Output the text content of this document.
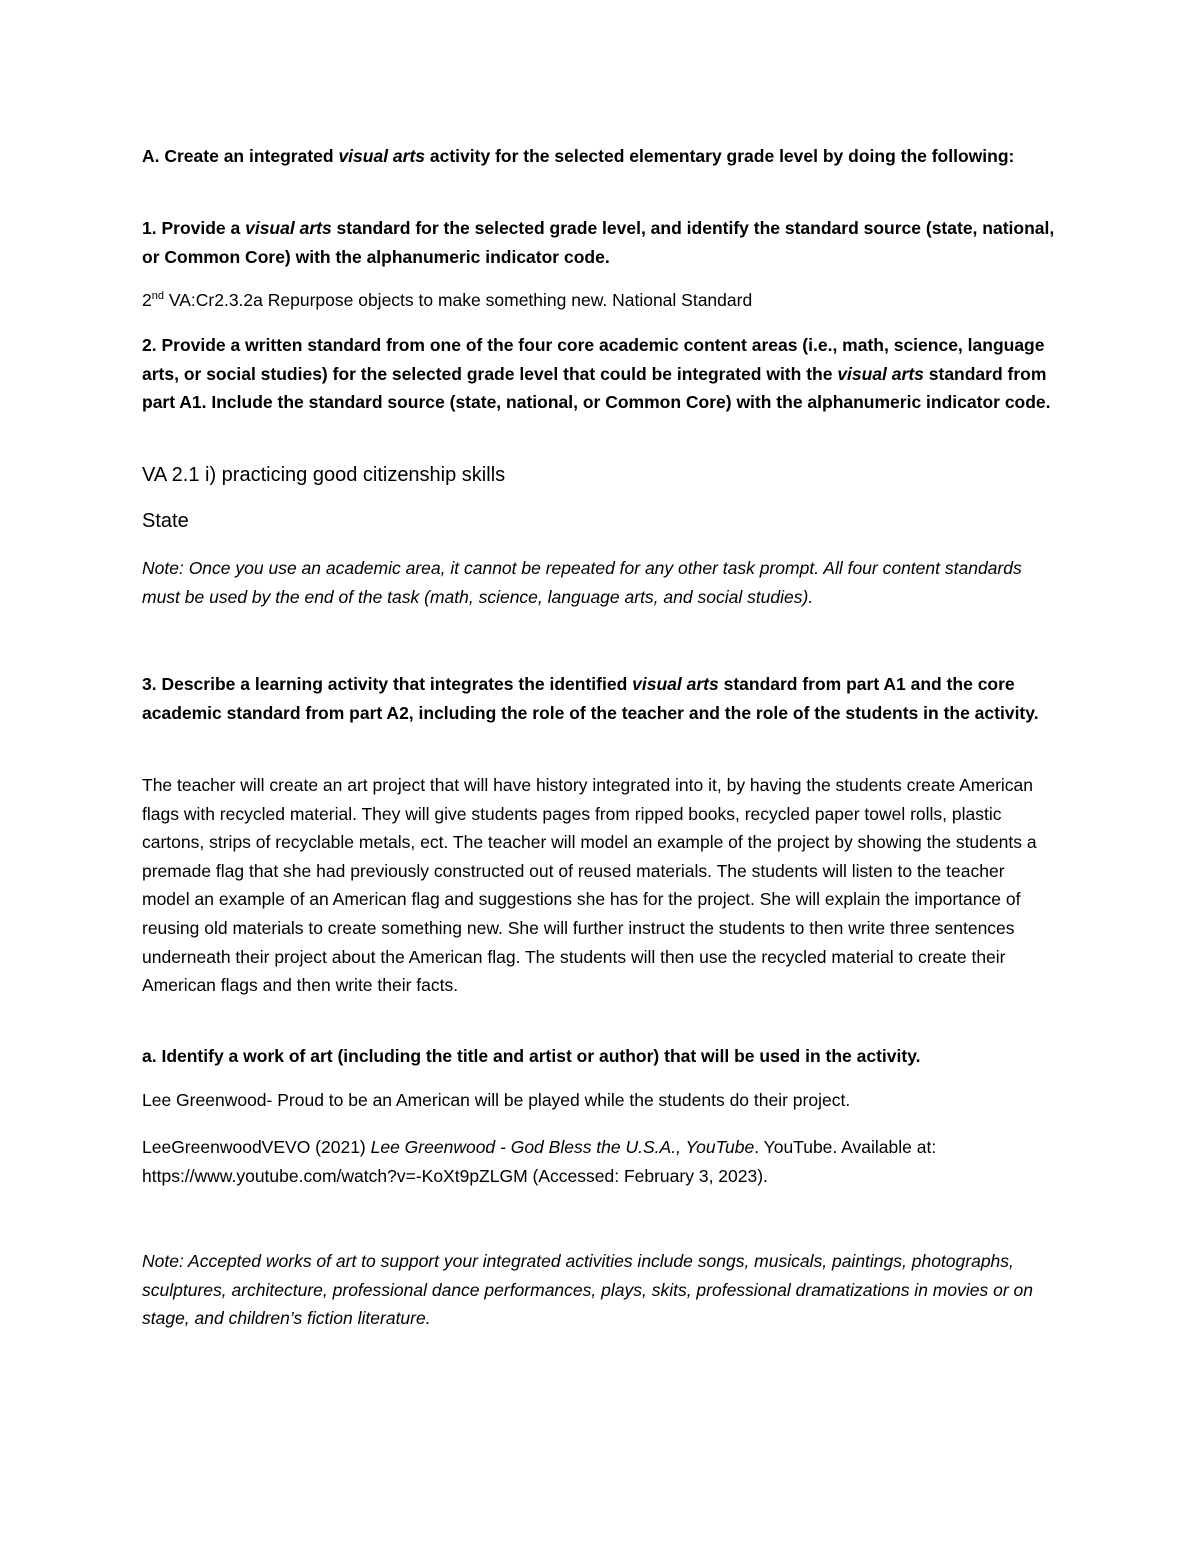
A. Create an integrated visual arts activity for the selected elementary grade level by doing the following:

1. Provide a visual arts standard for the selected grade level, and identify the standard source (state, national, or Common Core) with the alphanumeric indicator code.

2nd VA:Cr2.3.2a Repurpose objects to make something new. National Standard

2. Provide a written standard from one of the four core academic content areas (i.e., math, science, language arts, or social studies) for the selected grade level that could be integrated with the visual arts standard from part A1. Include the standard source (state, national, or Common Core) with the alphanumeric indicator code.

VA 2.1 i) practicing good citizenship skills

State

Note: Once you use an academic area, it cannot be repeated for any other task prompt. All four content standards must be used by the end of the task (math, science, language arts, and social studies).

3. Describe a learning activity that integrates the identified visual arts standard from part A1 and the core academic standard from part A2, including the role of the teacher and the role of the students in the activity.

The teacher will create an art project that will have history integrated into it, by having the students create American flags with recycled material. They will give students pages from ripped books, recycled paper towel rolls, plastic cartons, strips of recyclable metals, ect. The teacher will model an example of the project by showing the students a premade flag that she had previously constructed out of reused materials. The students will listen to the teacher model an example of an American flag and suggestions she has for the project. She will explain the importance of reusing old materials to create something new. She will further instruct the students to then write three sentences underneath their project about the American flag. The students will then use the recycled material to create their American flags and then write their facts.

a. Identify a work of art (including the title and artist or author) that will be used in the activity.

Lee Greenwood- Proud to be an American will be played while the students do their project.

LeeGreenwoodVEVO (2021) Lee Greenwood - God Bless the U.S.A., YouTube. YouTube. Available at: https://www.youtube.com/watch?v=-KoXt9pZLGM (Accessed: February 3, 2023).

Note: Accepted works of art to support your integrated activities include songs, musicals, paintings, photographs, sculptures, architecture, professional dance performances, plays, skits, professional dramatizations in movies or on stage, and children’s fiction literature.
